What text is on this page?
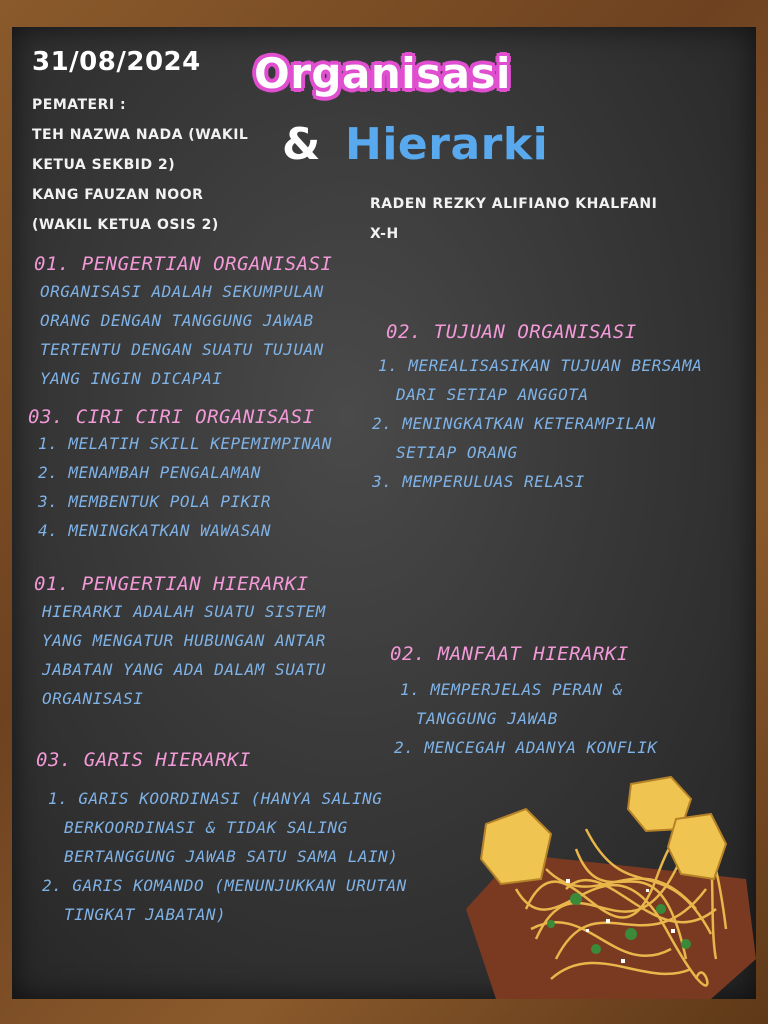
31/08/2024 Organisasi
& Hierarki
PEMATERI :
TEH NAZWA NADA (WAKIL
KETUA SEKBID 2)
KANG FAUZAN NOOR
(WAKIL KETUA OSIS 2)
RADEN REZKY ALIFIANO KHALFANI
X-H
01. PENGERTIAN ORGANISASI
ORGANISASI ADALAH SEKUMPULAN
ORANG DENGAN TANGGUNG JAWAB
TERTENTU DENGAN SUATU TUJUAN
YANG INGIN DICAPAI
02. TUJUAN ORGANISASI
1. MEREALISASIKAN TUJUAN BERSAMA
DARI SETIAP ANGGOTA
2. MENINGKATKAN KETERAMPILAN
SETIAP ORANG
3. MEMPERULUAS RELASI
03. CIRI CIRI ORGANISASI
1. MELATIH SKILL KEPEMIMPINAN
2. MENAMBAH PENGALAMAN
3. MEMBENTUK POLA PIKIR
4. MENINGKATKAN WAWASAN
01. PENGERTIAN HIERARKI
HIERARKI ADALAH SUATU SISTEM
YANG MENGATUR HUBUNGAN ANTAR
JABATAN YANG ADA DALAM SUATU
ORGANISASI
02. MANFAAT HIERARKI
1. MEMPERJELAS PERAN &
TANGGUNG JAWAB
2. MENCEGAH ADANYA KONFLIK
03. GARIS HIERARKI
1. GARIS KOORDINASI (HANYA SALING
BERKOORDINASI & TIDAK SALING
BERTANGGUNG JAWAB SATU SAMA LAIN)
2. GARIS KOMANDO (MENUNJUKKAN URUTAN
TINGKAT JABATAN)
